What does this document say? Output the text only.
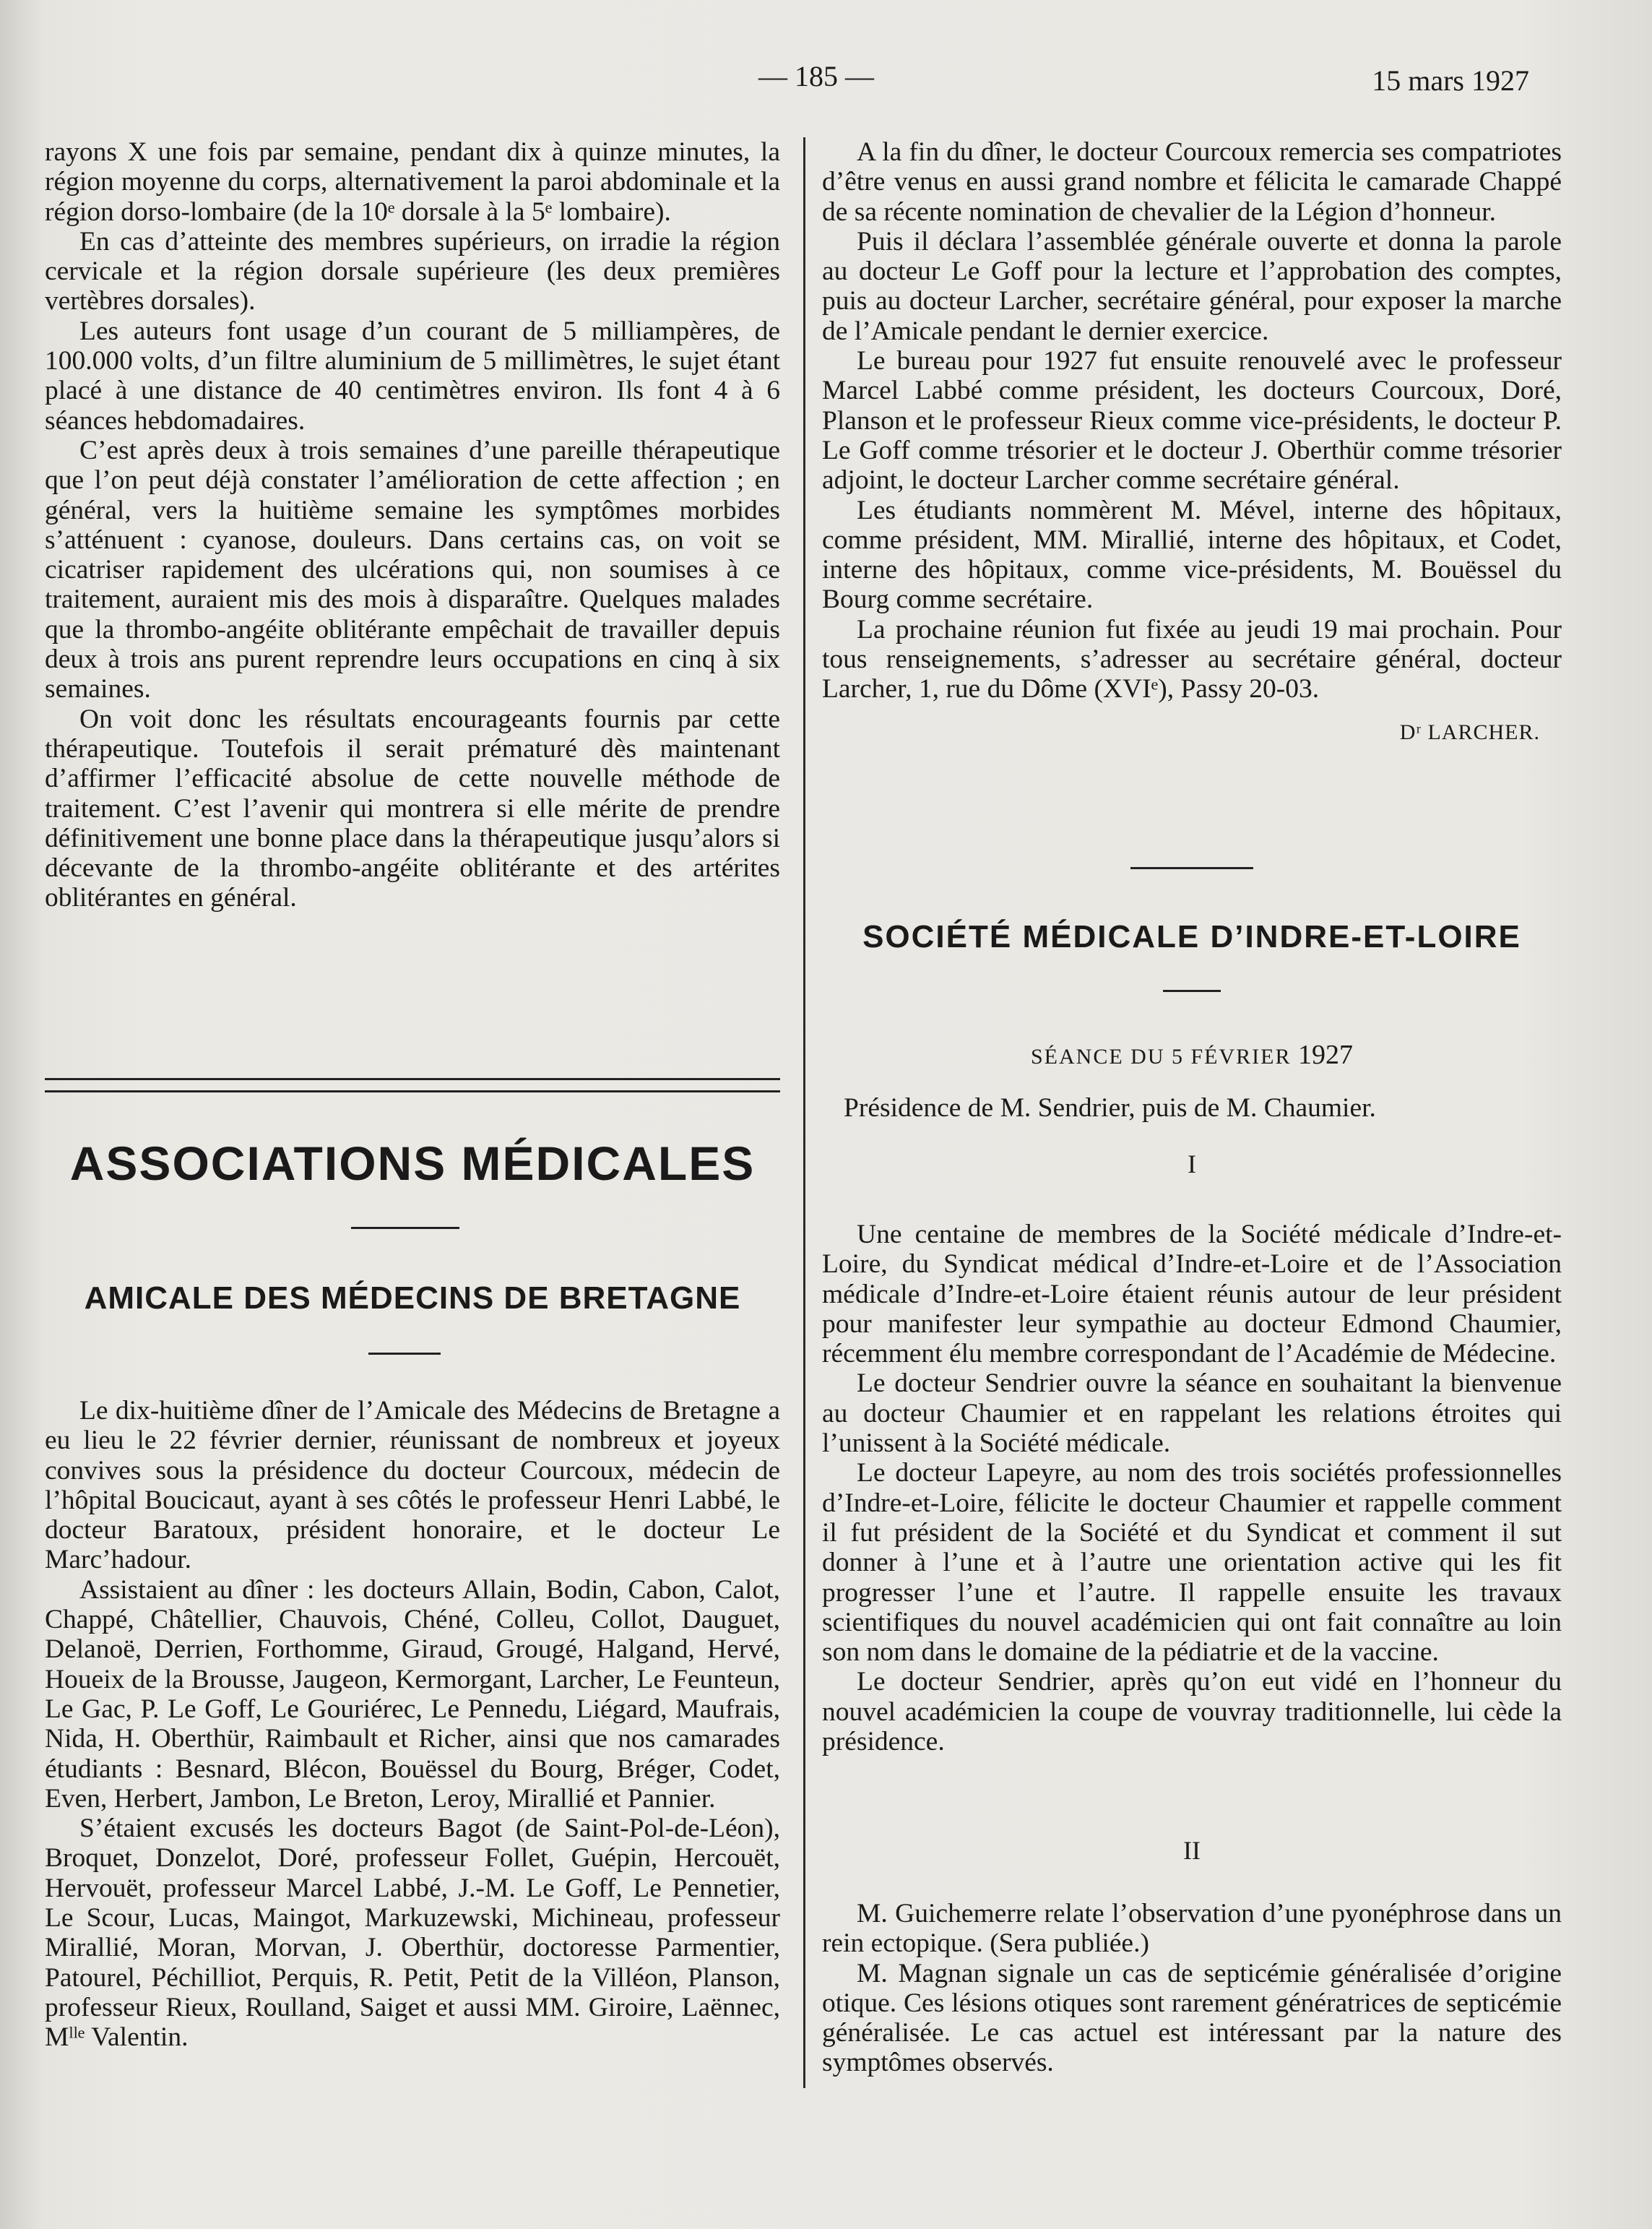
— 185 —	15 mars 1927

rayons X une fois par semaine, pendant dix à quinze minutes, la région moyenne du corps, alternativement la paroi abdominale et la région dorso-lombaire (de la 10ᵉ dorsale à la 5ᵉ lombaire).

En cas d’atteinte des membres supérieurs, on irradie la région cervicale et la région dorsale supérieure (les deux premières vertèbres dorsales).

Les auteurs font usage d’un courant de 5 milliampères, de 100.000 volts, d’un filtre aluminium de 5 millimètres, le sujet étant placé à une distance de 40 centimètres environ. Ils font 4 à 6 séances hebdomadaires.

C’est après deux à trois semaines d’une pareille thérapeutique que l’on peut déjà constater l’amélioration de cette affection ; en général, vers la huitième semaine les symptômes morbides s’atténuent : cyanose, douleurs. Dans certains cas, on voit se cicatriser rapidement des ulcérations qui, non soumises à ce traitement, auraient mis des mois à disparaître. Quelques malades que la thrombo-angéite oblitérante empêchait de travailler depuis deux à trois ans purent reprendre leurs occupations en cinq à six semaines.

On voit donc les résultats encourageants fournis par cette thérapeutique. Toutefois il serait prématuré dès maintenant d’affirmer l’efficacité absolue de cette nouvelle méthode de traitement. C’est l’avenir qui montrera si elle mérite de prendre définitivement une bonne place dans la thérapeutique jusqu’alors si décevante de la thrombo-angéite oblitérante et des artérites oblitérantes en général.

ASSOCIATIONS MÉDICALES
AMICALE DES MÉDECINS DE BRETAGNE

Le dix-huitième dîner de l’Amicale des Médecins de Bretagne a eu lieu le 22 février dernier, réunissant de nombreux et joyeux convives sous la présidence du docteur Courcoux, médecin de l’hôpital Boucicaut, ayant à ses côtés le professeur Henri Labbé, le docteur Baratoux, président honoraire, et le docteur Le Marc’hadour.

Assistaient au dîner : les docteurs Allain, Bodin, Cabon, Calot, Chappé, Châtellier, Chauvois, Chéné, Colleu, Collot, Dauguet, Delanoë, Derrien, Forthomme, Giraud, Grougé, Halgand, Hervé, Houeix de la Brousse, Jaugeon, Kermorgant, Larcher, Le Feunteun, Le Gac, P. Le Goff, Le Gouriérec, Le Pennedu, Liégard, Maufrais, Nida, H. Oberthür, Raimbault et Richer, ainsi que nos camarades étudiants : Besnard, Blécon, Bouëssel du Bourg, Bréger, Codet, Even, Herbert, Jambon, Le Breton, Leroy, Mirallié et Pannier.

S’étaient excusés les docteurs Bagot (de Saint-Pol-de-Léon), Broquet, Donzelot, Doré, professeur Follet, Guépin, Hercouët, Hervouët, professeur Marcel Labbé, J.-M. Le Goff, Le Pennetier, Le Scour, Lucas, Maingot, Markuzewski, Michineau, professeur Mirallié, Moran, Morvan, J. Oberthür, doctoresse Parmentier, Patourel, Péchilliot, Perquis, R. Petit, Petit de la Villéon, Planson, professeur Rieux, Roulland, Saiget et aussi MM. Giroire, Laënnec, Mˡˡᵉ Valentin.

A la fin du dîner, le docteur Courcoux remercia ses compatriotes d’être venus en aussi grand nombre et félicita le camarade Chappé de sa récente nomination de chevalier de la Légion d’honneur.

Puis il déclara l’assemblée générale ouverte et donna la parole au docteur Le Goff pour la lecture et l’approbation des comptes, puis au docteur Larcher, secrétaire général, pour exposer la marche de l’Amicale pendant le dernier exercice.

Le bureau pour 1927 fut ensuite renouvelé avec le professeur Marcel Labbé comme président, les docteurs Courcoux, Doré, Planson et le professeur Rieux comme vice-présidents, le docteur P. Le Goff comme trésorier et le docteur J. Oberthür comme trésorier adjoint, le docteur Larcher comme secrétaire général.

Les étudiants nommèrent M. Mével, interne des hôpitaux, comme président, MM. Mirallié, interne des hôpitaux, et Codet, interne des hôpitaux, comme vice-présidents, M. Bouëssel du Bourg comme secrétaire.

La prochaine réunion fut fixée au jeudi 19 mai prochain. Pour tous renseignements, s’adresser au secrétaire général, docteur Larcher, 1, rue du Dôme (XVIᵉ), Passy 20-03.

Dʳ LARCHER.

SOCIÉTÉ MÉDICALE D’INDRE-ET-LOIRE
SÉANCE DU 5 FÉVRIER 1927
Présidence de M. Sendrier, puis de M. Chaumier.
I

Une centaine de membres de la Société médicale d’Indre-et-Loire, du Syndicat médical d’Indre-et-Loire et de l’Association médicale d’Indre-et-Loire étaient réunis autour de leur président pour manifester leur sympathie au docteur Edmond Chaumier, récemment élu membre correspondant de l’Académie de Médecine.

Le docteur Sendrier ouvre la séance en souhaitant la bienvenue au docteur Chaumier et en rappelant les relations étroites qui l’unissent à la Société médicale.

Le docteur Lapeyre, au nom des trois sociétés professionnelles d’Indre-et-Loire, félicite le docteur Chaumier et rappelle comment il fut président de la Société et du Syndicat et comment il sut donner à l’une et à l’autre une orientation active qui les fit progresser l’une et l’autre. Il rappelle ensuite les travaux scientifiques du nouvel académicien qui ont fait connaître au loin son nom dans le domaine de la pédiatrie et de la vaccine.

Le docteur Sendrier, après qu’on eut vidé en l’honneur du nouvel académicien la coupe de vouvray traditionnelle, lui cède la présidence.

II

M. Guichemerre relate l’observation d’une pyonéphrose dans un rein ectopique. (Sera publiée.)

M. Magnan signale un cas de septicémie généralisée d’origine otique. Ces lésions otiques sont rarement génératrices de septicémie généralisée. Le cas actuel est intéressant par la nature des symptômes observés.
